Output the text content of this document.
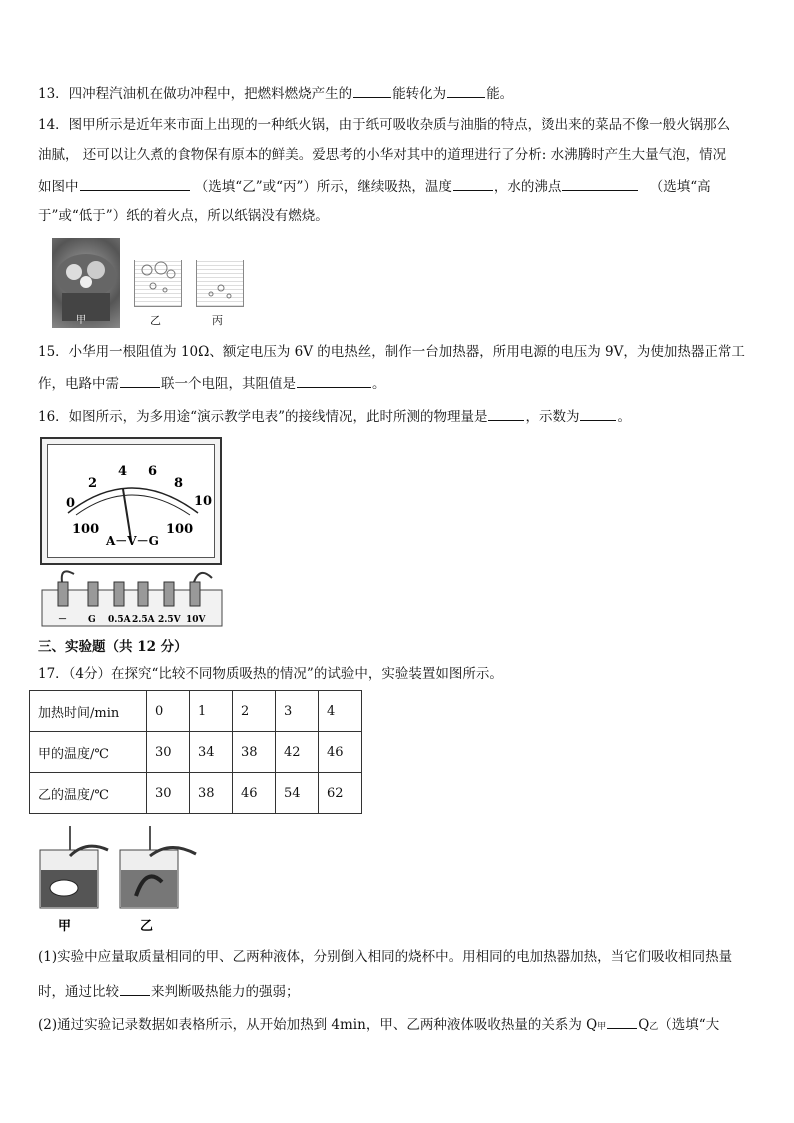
13．四冲程汽油机在做功冲程中，把燃料燃烧产生的	能转化为	能。
14．图甲所示是近年来市面上出现的一种纸火锅，由于纸可吸收杂质与油脂的特点，烫出来的菜品不像一般火锅那么
油腻， 还可以让久煮的食物保有原本的鲜美。爱思考的小华对其中的道理进行了分析: 水沸腾时产生大量气泡，情况
如图中	（选填“乙”或“丙”）所示，继续吸热，温度	，水的沸点	（选填“高
于”或“低于”）纸的着火点，所以纸锅没有燃烧。
甲	乙	丙
15．小华用一根阻值为 10Ω、额定电压为 6V 的电热丝，制作一台加热器，所用电源的电压为 9V，为使加热器正常工
作，电路中需	联一个电阻，其阻值是	。
16．如图所示，为多用途“演示教学电表”的接线情况，此时所测的物理量是	，示数为	。
0
2
4 6
8
10
100	100
A－V－G
－ G 0.5A 2.5A 2.5V 10V
三、实验题（共 12 分）
17．（4分）在探究“比较不同物质吸热的情况”的试验中，实验装置如图所示。
加热时间/min	0	1	2	3	4
甲的温度/℃	30	34	38	42	46
乙的温度/℃	30	38	46	54	62
甲	乙
(1)实验中应量取质量相同的甲、乙两种液体，分别倒入相同的烧杯中。用相同的电加热器加热，当它们吸收相同热量
时，通过比较 来判断吸热能力的强弱；
(2)通过实验记录数据如表格所示，从开始加热到 4min，甲、乙两种液体吸收热量的关系为 Q甲 Q乙（选填“大
